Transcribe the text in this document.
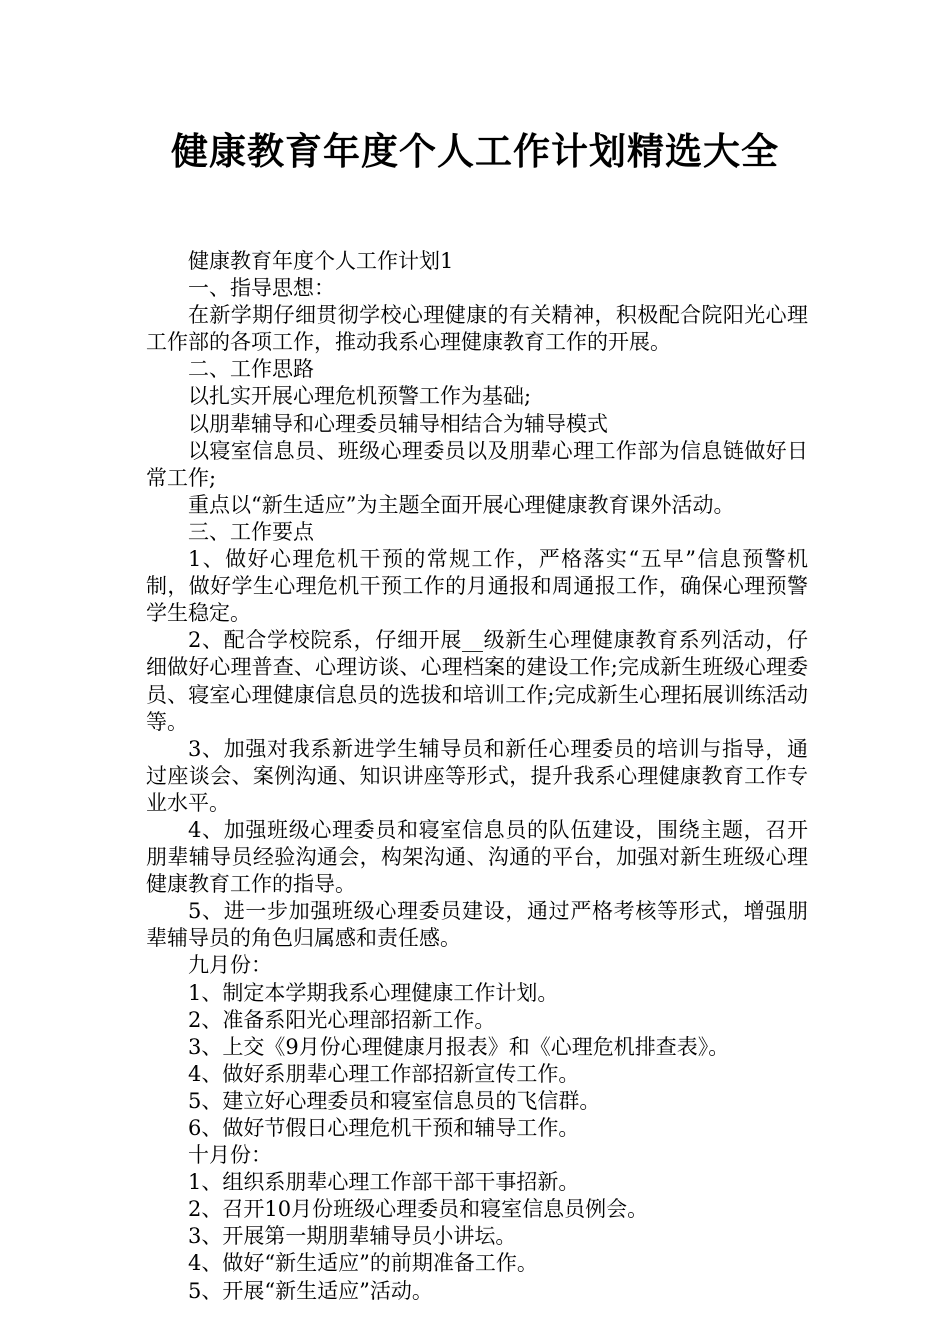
健康教育年度个人工作计划精选大全

健康教育年度个人工作计划1

一、指导思想：

在新学期仔细贯彻学校心理健康的有关精神，积极配合院阳光心理工作部的各项工作，推动我系心理健康教育工作的开展。

二、工作思路

以扎实开展心理危机预警工作为基础;

以朋辈辅导和心理委员辅导相结合为辅导模式

以寝室信息员、班级心理委员以及朋辈心理工作部为信息链做好日常工作;

重点以“新生适应”为主题全面开展心理健康教育课外活动。

三、工作要点

1、做好心理危机干预的常规工作，严格落实“五早”信息预警机制，做好学生心理危机干预工作的月通报和周通报工作，确保心理预警学生稳定。

2、配合学校院系，仔细开展__级新生心理健康教育系列活动，仔细做好心理普查、心理访谈、心理档案的建设工作;完成新生班级心理委员、寝室心理健康信息员的选拔和培训工作;完成新生心理拓展训练活动等。

3、加强对我系新进学生辅导员和新任心理委员的培训与指导，通过座谈会、案例沟通、知识讲座等形式，提升我系心理健康教育工作专业水平。

4、加强班级心理委员和寝室信息员的队伍建设，围绕主题，召开朋辈辅导员经验沟通会，构架沟通、沟通的平台，加强对新生班级心理健康教育工作的指导。

5、进一步加强班级心理委员建设，通过严格考核等形式，增强朋辈辅导员的角色归属感和责任感。

九月份：

1、制定本学期我系心理健康工作计划。

2、准备系阳光心理部招新工作。

3、上交《9月份心理健康月报表》和《心理危机排查表》。

4、做好系朋辈心理工作部招新宣传工作。

5、建立好心理委员和寝室信息员的飞信群。

6、做好节假日心理危机干预和辅导工作。

十月份：

1、组织系朋辈心理工作部干部干事招新。

2、召开10月份班级心理委员和寝室信息员例会。

3、开展第一期朋辈辅导员小讲坛。

4、做好“新生适应”的前期准备工作。

5、开展“新生适应”活动。
